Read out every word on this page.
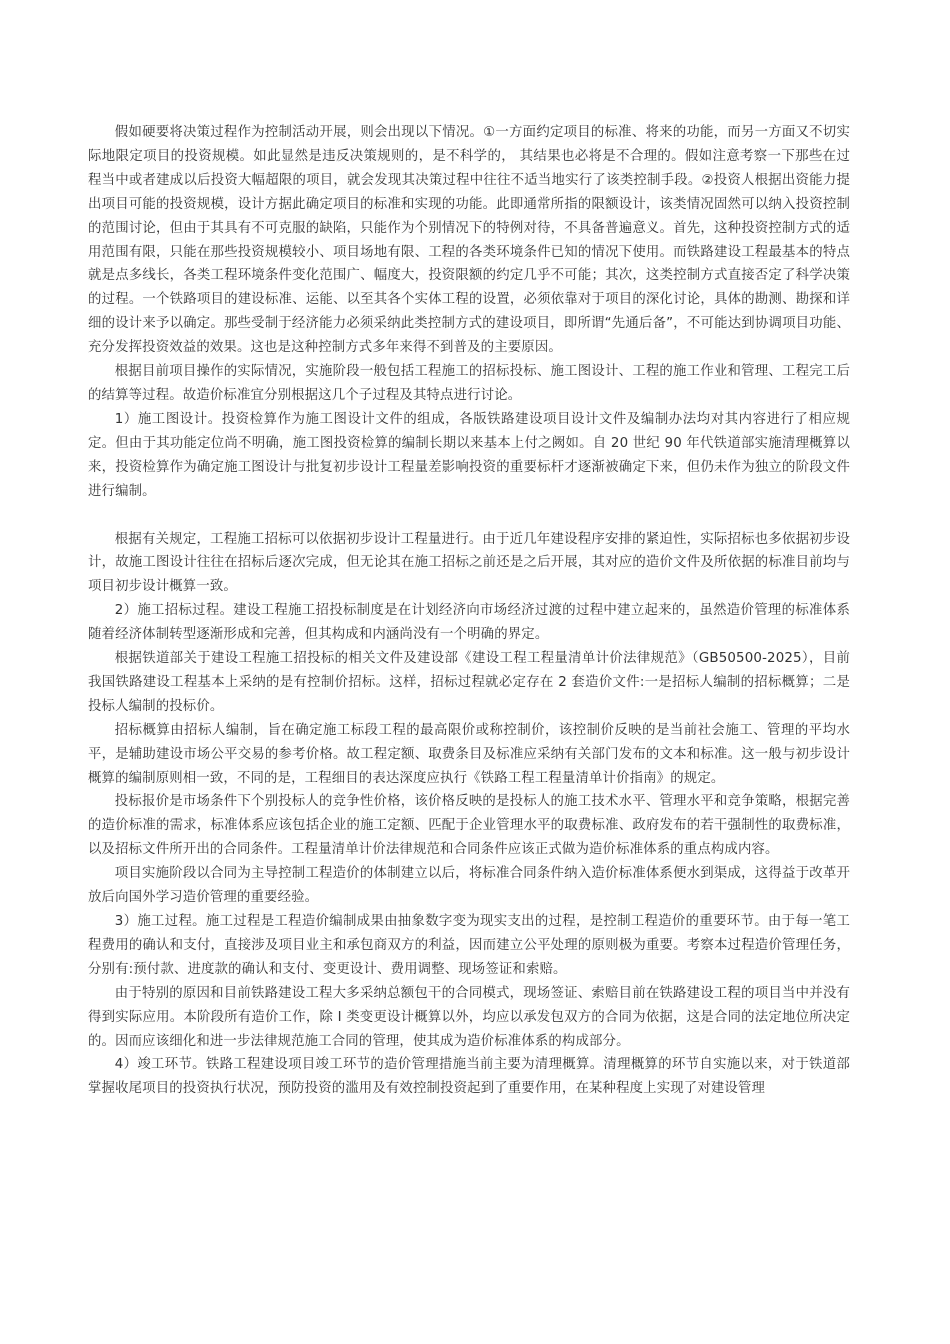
假如硬要将决策过程作为控制活动开展，则会出现以下情况。①一方面约定项目的标准、将来的功能，而另一方面又不切实际地限定项目的投资规模。如此显然是违反决策规则的，是不科学的， 其结果也必将是不合理的。假如注意考察一下那些在过程当中或者建成以后投资大幅超限的项目，就会发现其决策过程中往往不适当地实行了该类控制手段。②投资人根据出资能力提出项目可能的投资规模，设计方据此确定项目的标准和实现的功能。此即通常所指的限额设计，该类情况固然可以纳入投资控制的范围讨论，但由于其具有不可克服的缺陷，只能作为个别情况下的特例对待，不具备普遍意义。首先，这种投资控制方式的适用范围有限，只能在那些投资规模较小、项目场地有限、工程的各类环境条件已知的情况下使用。而铁路建设工程最基本的特点就是点多线长，各类工程环境条件变化范围广、幅度大，投资限额的约定几乎不可能；其次，这类控制方式直接否定了科学决策的过程。一个铁路项目的建设标准、运能、以至其各个实体工程的设置，必须依靠对于项目的深化讨论，具体的勘测、勘探和详细的设计来予以确定。那些受制于经济能力必须采纳此类控制方式的建设项目，即所谓“先通后备”，不可能达到协调项目功能、充分发挥投资效益的效果。这也是这种控制方式多年来得不到普及的主要原因。

根据目前项目操作的实际情况，实施阶段一般包括工程施工的招标投标、施工图设计、工程的施工作业和管理、工程完工后的结算等过程。故造价标准宜分别根据这几个子过程及其特点进行讨论。

1）施工图设计。投资检算作为施工图设计文件的组成，各版铁路建设项目设计文件及编制办法均对其内容进行了相应规定。但由于其功能定位尚不明确，施工图投资检算的编制长期以来基本上付之阙如。自 20 世纪 90 年代铁道部实施清理概算以来，投资检算作为确定施工图设计与批复初步设计工程量差影响投资的重要标杆才逐渐被确定下来，但仍未作为独立的阶段文件进行编制。

根据有关规定，工程施工招标可以依据初步设计工程量进行。由于近几年建设程序安排的紧迫性，实际招标也多依据初步设计，故施工图设计往往在招标后逐次完成，但无论其在施工招标之前还是之后开展，其对应的造价文件及所依据的标准目前均与项目初步设计概算一致。

2）施工招标过程。建设工程施工招投标制度是在计划经济向市场经济过渡的过程中建立起来的，虽然造价管理的标准体系随着经济体制转型逐渐形成和完善，但其构成和内涵尚没有一个明确的界定。

根据铁道部关于建设工程施工招投标的相关文件及建设部《建设工程工程量清单计价法律规范》（GB50500-2025），目前我国铁路建设工程基本上采纳的是有控制价招标。这样，招标过程就必定存在 2 套造价文件:一是招标人编制的招标概算；二是投标人编制的投标价。

招标概算由招标人编制，旨在确定施工标段工程的最高限价或称控制价，该控制价反映的是当前社会施工、管理的平均水平，是辅助建设市场公平交易的参考价格。故工程定额、取费条目及标准应采纳有关部门发布的文本和标准。这一般与初步设计概算的编制原则相一致，不同的是，工程细目的表达深度应执行《铁路工程工程量清单计价指南》的规定。

投标报价是市场条件下个别投标人的竞争性价格，该价格反映的是投标人的施工技术水平、管理水平和竞争策略，根据完善的造价标准的需求，标准体系应该包括企业的施工定额、匹配于企业管理水平的取费标准、政府发布的若干强制性的取费标准，以及招标文件所开出的合同条件。工程量清单计价法律规范和合同条件应该正式做为造价标准体系的重点构成内容。

项目实施阶段以合同为主导控制工程造价的体制建立以后，将标准合同条件纳入造价标准体系便水到渠成，这得益于改革开放后向国外学习造价管理的重要经验。

3）施工过程。施工过程是工程造价编制成果由抽象数字变为现实支出的过程，是控制工程造价的重要环节。由于每一笔工程费用的确认和支付，直接涉及项目业主和承包商双方的利益，因而建立公平处理的原则极为重要。考察本过程造价管理任务，分别有:预付款、进度款的确认和支付、变更设计、费用调整、现场签证和索赔。

由于特别的原因和目前铁路建设工程大多采纳总额包干的合同模式，现场签证、索赔目前在铁路建设工程的项目当中并没有得到实际应用。本阶段所有造价工作，除 I 类变更设计概算以外，均应以承发包双方的合同为依据，这是合同的法定地位所决定的。因而应该细化和进一步法律规范施工合同的管理，使其成为造价标准体系的构成部分。

4）竣工环节。铁路工程建设项目竣工环节的造价管理措施当前主要为清理概算。清理概算的环节自实施以来，对于铁道部掌握收尾项目的投资执行状况，预防投资的滥用及有效控制投资起到了重要作用，在某种程度上实现了对建设管理
